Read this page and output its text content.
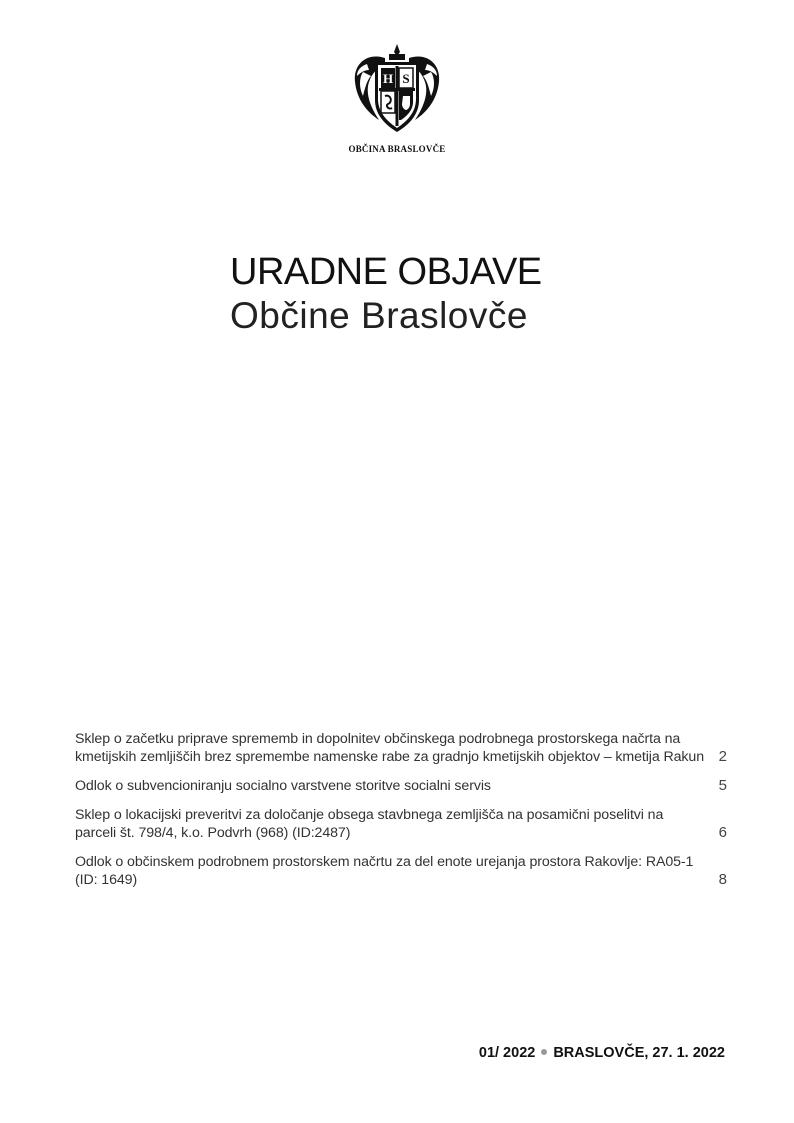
H S
OBČINA BRASLOVČE
URADNE OBJAVE
Občine Braslovče
Sklep o začetku priprave sprememb in dopolnitev občinskega podrobnega prostorskega načrta na kmetijskih zemljiščih brez spremembe namenske rabe za gradnjo kmetijskih objektov – kmetija Rakun 2
Odlok o subvencioniranju socialno varstvene storitve socialni servis	5
Sklep o lokacijski preveritvi za določanje obsega stavbnega zemljišča na posamični poselitvi na parceli št. 798/4, k.o. Podvrh (968) (ID:2487)	6
Odlok o občinskem podrobnem prostorskem načrtu za del enote urejanja prostora Rakovlje: RA05-1 (ID: 1649)	8
01/ 2022 BRASLOVČE, 27. 1. 2022
